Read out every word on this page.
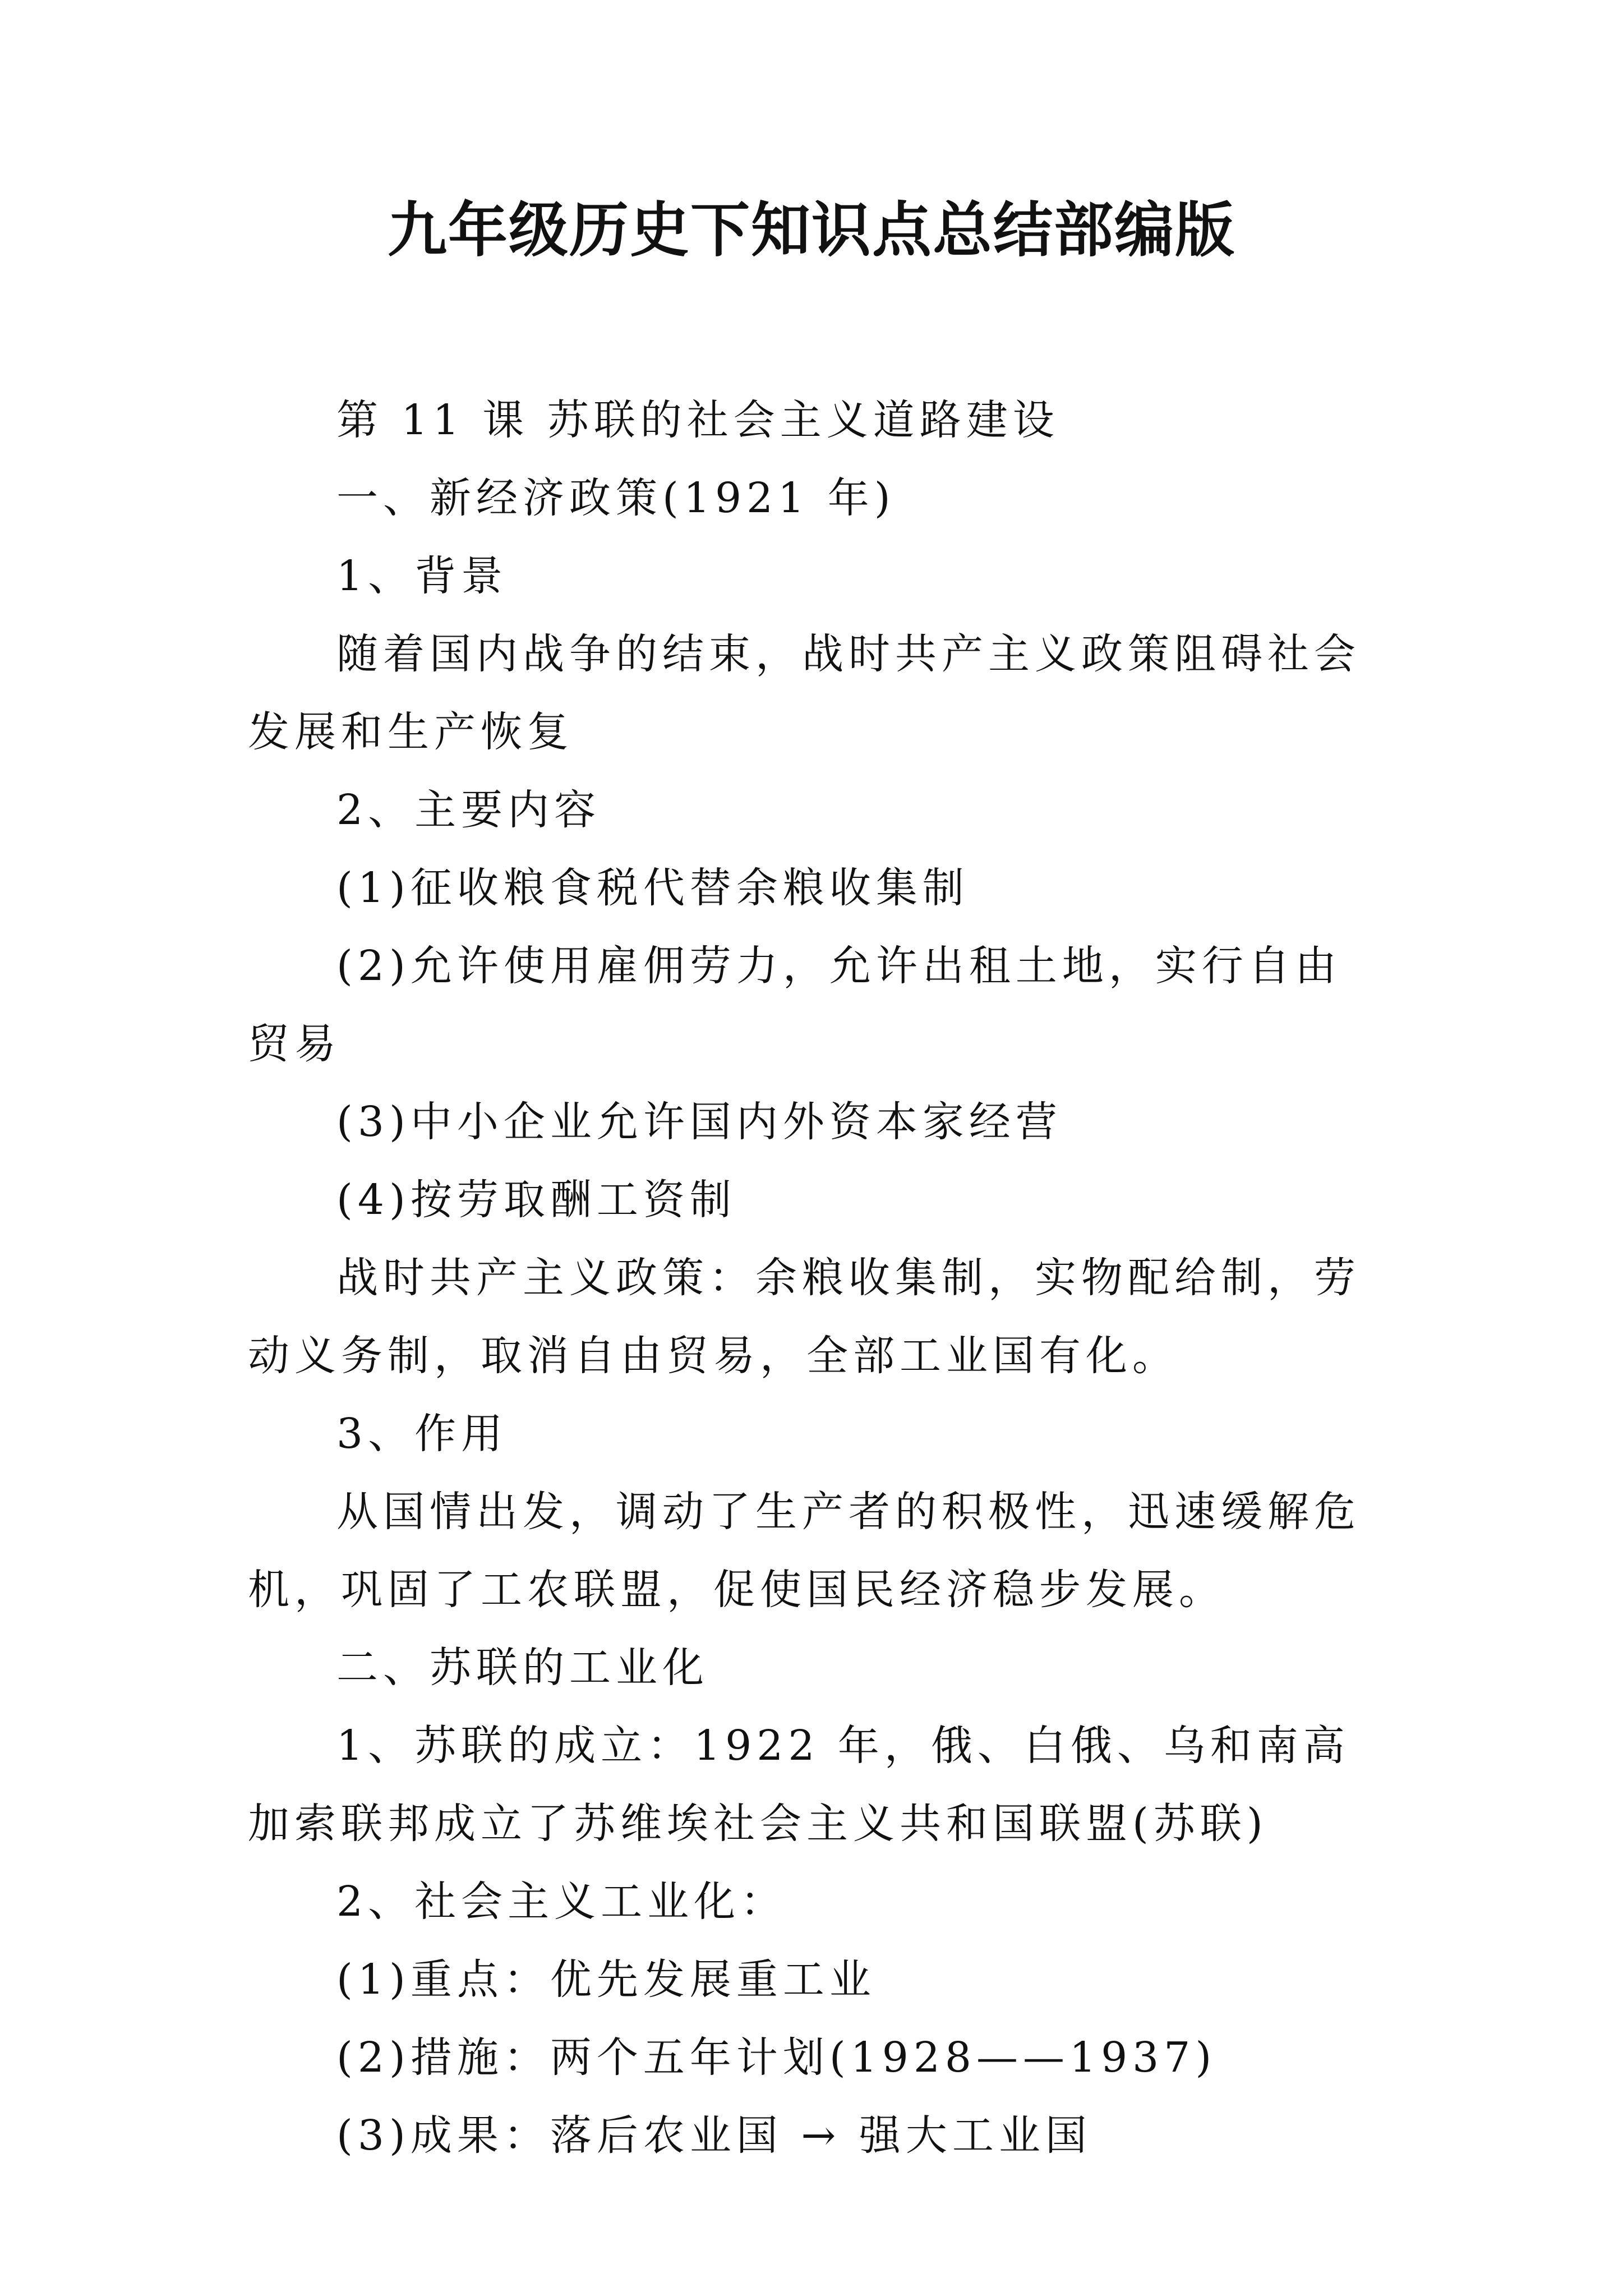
九年级历史下知识点总结部编版

第 11 课 苏联的社会主义道路建设

一、新经济政策(1921 年)

1、背景

随着国内战争的结束，战时共产主义政策阻碍社会发展和生产恢复

2、主要内容

(1)征收粮食税代替余粮收集制

(2)允许使用雇佣劳力，允许出租土地，实行自由贸易

(3)中小企业允许国内外资本家经营

(4)按劳取酬工资制

战时共产主义政策：余粮收集制，实物配给制，劳动义务制，取消自由贸易，全部工业国有化。

3、作用

从国情出发，调动了生产者的积极性，迅速缓解危机，巩固了工农联盟，促使国民经济稳步发展。

二、苏联的工业化

1、苏联的成立：1922 年，俄、白俄、乌和南高加索联邦成立了苏维埃社会主义共和国联盟(苏联)

2、社会主义工业化：

(1)重点：优先发展重工业

(2)措施：两个五年计划(1928——1937)

(3)成果：落后农业国 → 强大工业国
